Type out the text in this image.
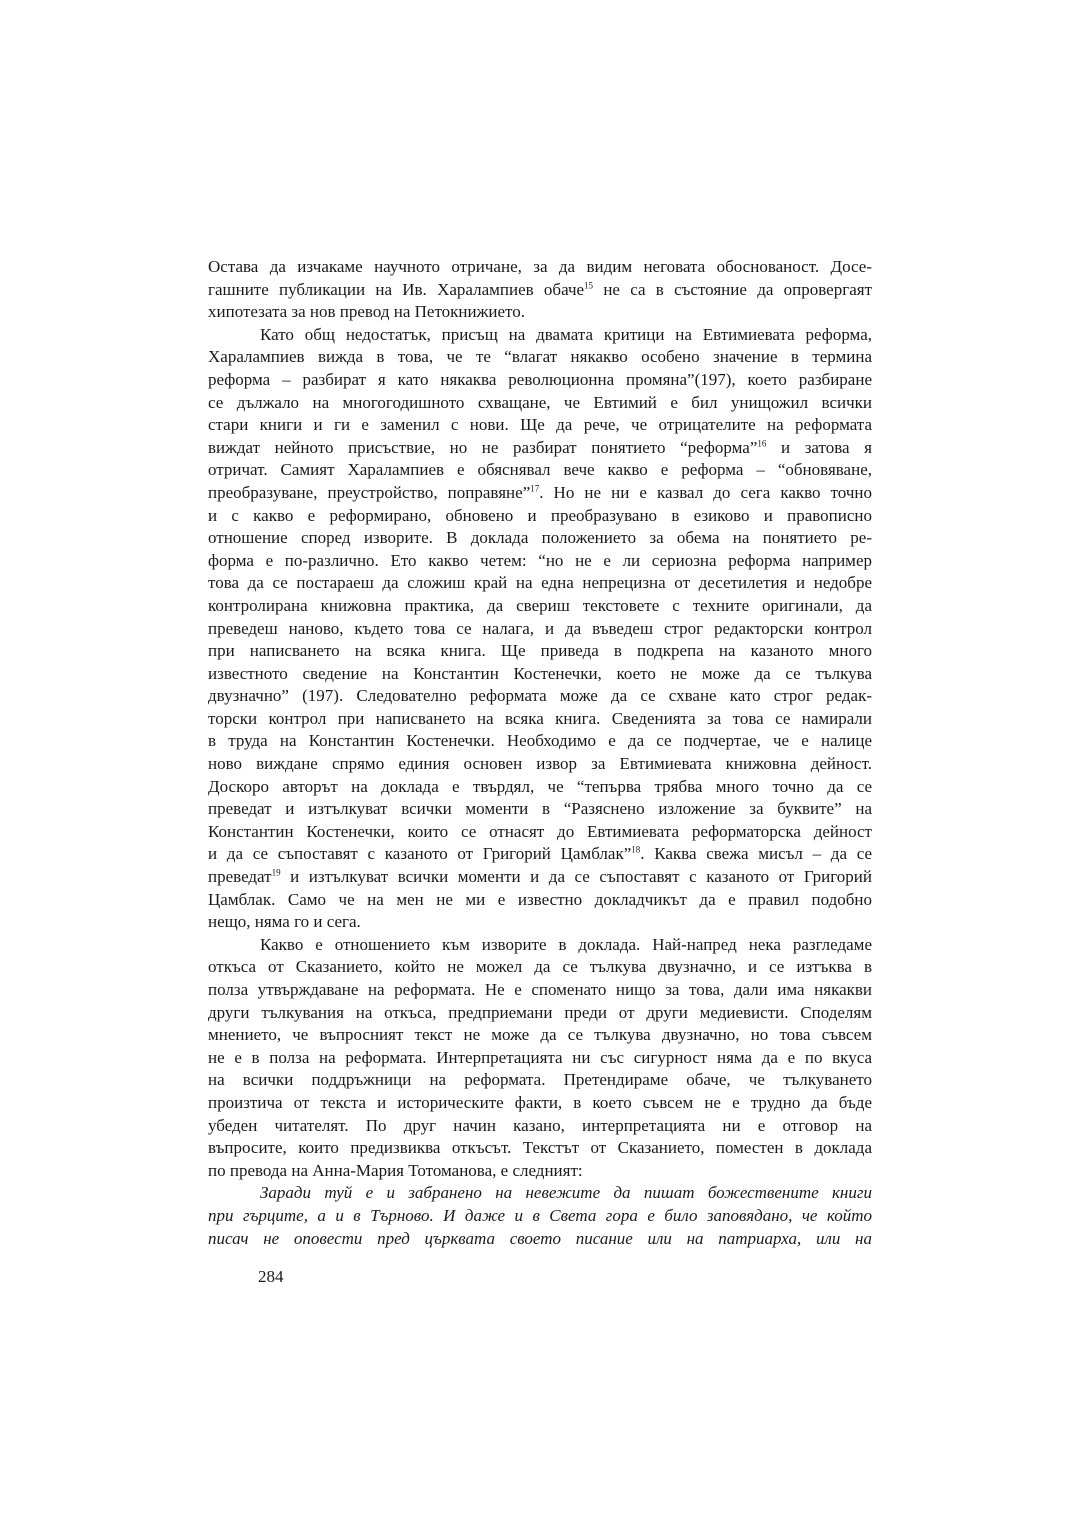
Остава да изчакаме научното отричане, за да видим неговата обоснованост. Досе-
гашните публикации на Ив. Харалампиев обаче$^{15}$ не са в състояние да опровергаят
хипотезата за нов превод на Петокнижието.
Като общ недостатък, присъщ на двамата критици на Евтимиевата реформа,
Харалампиев вижда в това, че те “влагат някакво особено значение в термина
реформа – разбират я като някаква революционна промяна”(197), което разбиране
се дължало на многогодишното схващане, че Евтимий е бил унищожил всички
стари книги и ги е заменил с нови. Ще да рече, че отрицателите на реформата
виждат нейното присъствие, но не разбират понятието “реформа”$^{16}$ и затова я
отричат. Самият Харалампиев е обяснявал вече какво е реформа – “обновяване,
преобразуване, преустройство, поправяне”$^{17}$. Но не ни е казвал до сега какво точно
и с какво е реформирано, обновено и преобразувано в езиково и правописно
отношение според изворите. В доклада положението за обема на понятието ре-
форма е по-различно. Ето какво четем: “но не е ли сериозна реформа например
това да се постараеш да сложиш край на една непрецизна от десетилетия и недобре
контролирана книжовна практика, да свериш текстовете с техните оригинали, да
преведеш наново, където това се налага, и да въведеш строг редакторски контрол
при написването на всяка книга. Ще приведа в подкрепа на казаното много
известното сведение на Константин Костенечки, което не може да се тълкува
двузначно” (197). Следователно реформата може да се схване като строг редак-
торски контрол при написването на всяка книга. Сведенията за това се намирали
в труда на Константин Костенечки. Необходимо е да се подчертае, че е налице
ново виждане спрямо единия основен извор за Евтимиевата книжовна дейност.
Доскоро авторът на доклада е твърдял, че “тепърва трябва много точно да се
преведат и изтълкуват всички моменти в “Разяснено изложение за буквите” на
Константин Костенечки, които се отнасят до Евтимиевата реформаторска дейност
и да се съпоставят с казаното от Григорий Цамблак”$^{18}$. Каква свежа мисъл – да се
преведат$^{19}$ и изтълкуват всички моменти и да се съпоставят с казаното от Григорий
Цамблак. Само че на мен не ми е известно докладчикът да е правил подобно
нещо, няма го и сега.
Какво е отношението към изворите в доклада. Най-напред нека разгледаме
откъса от Сказанието, който не можел да се тълкува двузначно, и се изтъква в
полза утвърждаване на реформата. Не е споменато нищо за това, дали има някакви
други тълкувания на откъса, предприемани преди от други медиевисти. Споделям
мнението, че въпросният текст не може да се тълкува двузначно, но това съвсем
не е в полза на реформата. Интерпретацията ни със сигурност няма да е по вкуса
на всички поддръжници на реформата. Претендираме обаче, че тълкуването
произтича от текста и историческите факти, в което съвсем не е трудно да бъде
убеден читателят. По друг начин казано, интерпретацията ни е отговор на
въпросите, които предизвиква откъсът. Текстът от Сказанието, поместен в доклада
по превода на Анна-Мария Тотоманова, е следният:
Заради туй е и забранено на невежите да пишат божествените книги
при гърците, а и в Търново. И даже и в Света гора е било заповядано, че който
писач не оповести пред църквата своето писание или на патриарха, или на
284
